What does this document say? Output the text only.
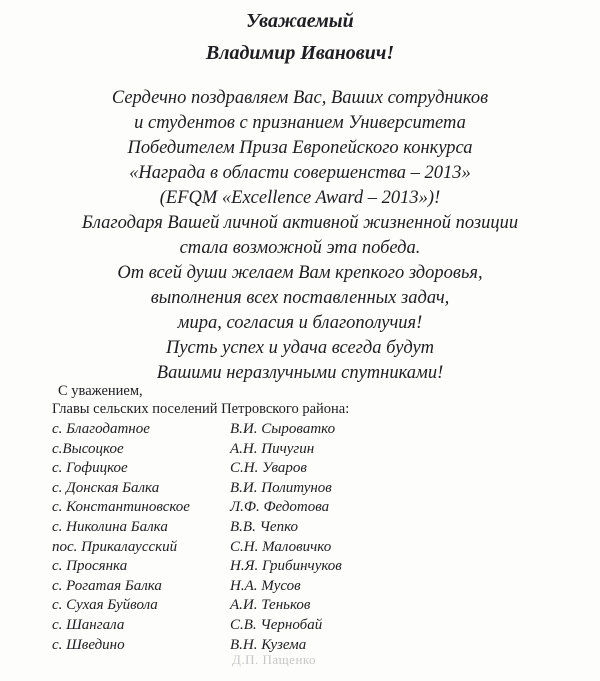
Уважаемый
Владимир Иванович!
Сердечно поздравляем Вас, Ваших сотрудников
и студентов с признанием Университета
Победителем Приза Европейского конкурса
«Награда в области совершенства – 2013»
(EFQM «Excellence Award – 2013»)!
Благодаря Вашей личной активной жизненной позиции
стала возможной эта победа.
От всей души желаем Вам крепкого здоровья,
выполнения всех поставленных задач,
мира, согласия и благополучия!
Пусть успех и удача всегда будут
Вашими неразлучными спутниками!
С уважением,
Главы сельских поселений Петровского района:
с. Благодатное	В.И. Сыроватко
с.Высоцкое	А.Н. Пичугин
с. Гофицкое	С.Н. Уваров
с. Донская Балка	В.И. Политунов
с. Константиновское	Л.Ф. Федотова
с. Николина Балка	В.В. Чепко
пос. Прикалаусский	С.Н. Маловичко
с. Просянка	Н.Я. Грибинчуков
с. Рогатая Балка	Н.А. Мусов
с. Сухая Буйвола	А.И. Теньков
с. Шангала	С.В. Чернобай
с. Шведино	В.Н. Кузема
Д.П. Пащенко
